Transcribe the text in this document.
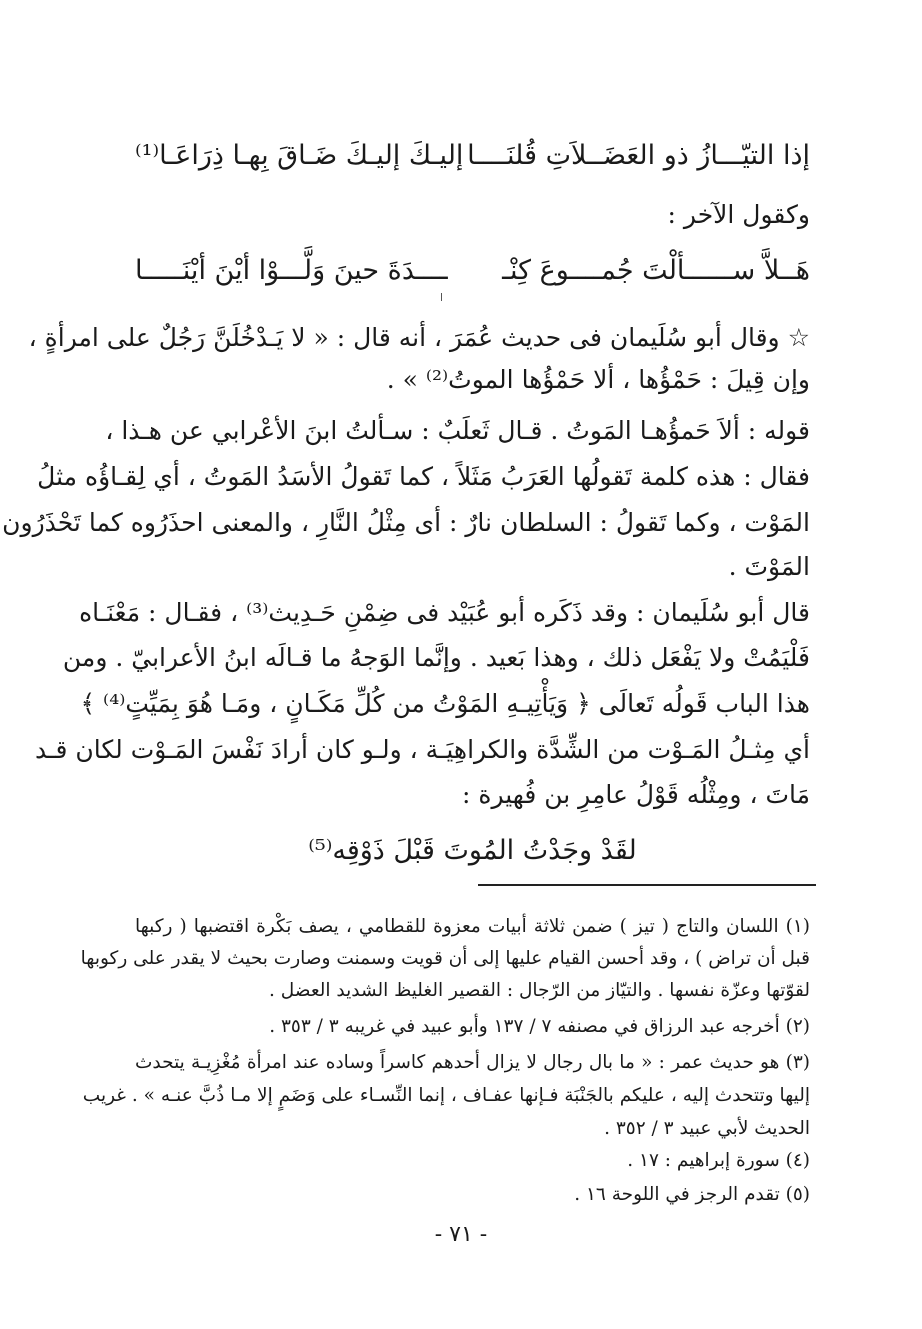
إذا التيّـــازُ ذو العَضَــلاَتِ قُلنَــــا
إليـكَ إليـكَ ضَـاقَ بِهـا ذِرَاعَـا⁽¹⁾
وكقول الآخر :
هَــلاَّ ســــــألْتَ جُمــــوعَ كِنْـ
ــــدَةَ حينَ وَلَّـــوْا أيْنَ أيْنَـــــا
☆ وقال أبو سُلَيمان فى حديث عُمَرَ ، أنه قال : « لا يَـدْخُلَنَّ رَجُلٌ على امرأةٍ ،
وإن قِيلَ : حَمْؤُها ، ألا حَمْؤُها الموتُ⁽²⁾ » .
قوله : ألاَ حَمؤُهـا المَوتُ . قـال ثَعلَبٌ : سـألتُ ابنَ الأعْرابي عن هـذا ،
فقال : هذه كلمة تَقولُها العَرَبُ مَثَلاً ، كما تَقولُ الأسَدُ المَوتُ ، أي لِقـاؤُه مثلُ
المَوْت ، وكما تَقولُ : السلطان نارٌ : أى مِثْلُ النَّارِ ، والمعنى احذَرُوه كما تَحْذَرُون
المَوْتَ .
قال أبو سُلَيمان : وقد ذَكَره أبو عُبَيْد فى ضِمْنِ حَـدِيث⁽³⁾ ، فقـال : مَعْنَـاه
فَلْيَمُتْ ولا يَفْعَل ذلك ، وهذا بَعيد . وإنَّما الوَجهُ ما قـالَه ابنُ الأعرابيّ . ومن
هذا الباب قَولُه تَعالَى ﴿ وَيَأْتِيـهِ المَوْتُ من كُلِّ مَكَـانٍ ، ومَـا هُوَ بِمَيِّتٍ⁽⁴⁾ ﴾
أي مِثـلُ المَـوْت من الشِّدَّة والكراهِيَـة ، ولـو كان أرادَ نَفْسَ المَـوْت لكان قـد
مَاتَ ، ومِثْلُه قَوْلُ عامِرِ بن فُهيرة :
لقَدْ وجَدْتُ المُوتَ قَبْلَ ذَوْقِه⁽⁵⁾
(١) اللسان والتاج ( تيز ) ضمن ثلاثة أبيات معزوة للقطامي ، يصف بَكْرة اقتضبها ( ركبها
قبل أن تراض ) ، وقد أحسن القيام عليها إلى أن قويت وسمنت وصارت بحيث لا يقدر على ركوبها
لقوّتها وعزّة نفسها . والتيّاز من الرّجال : القصير الغليظ الشديد العضل .
(٢) أخرجه عبد الرزاق في مصنفه ٧ / ١٣٧ وأبو عبيد في غريبه ٣ / ٣٥٣ .
(٣) هو حديث عمر : « ما بال رجال لا يزال أحدهم كاسراً وساده عند امرأة مُغْزِيـة يتحدث
إليها وتتحدث إليه ، عليكم بالجَنْبَة فـإنها عفـاف ، إنما النِّسـاء على وَضَمٍ إلا مـا ذُبَّ عنـه » . غريب
الحديث لأبي عبيد ٣ / ٣٥٢ .
(٤) سورة إبراهيم : ١٧ .
(٥) تقدم الرجز في اللوحة ١٦ .
- ٧١ -
